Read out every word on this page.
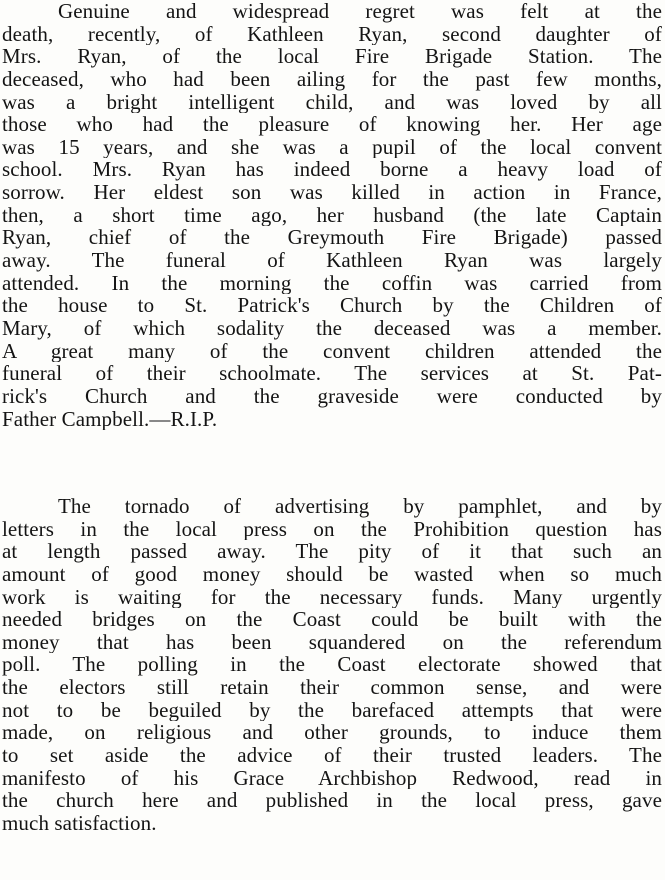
Genuine and widespread regret was felt at the
death, recently, of Kathleen Ryan, second daughter of
Mrs. Ryan, of the local Fire Brigade Station. The
deceased, who had been ailing for the past few months,
was a bright intelligent child, and was loved by all
those who had the pleasure of knowing her. Her age
was 15 years, and she was a pupil of the local convent
school. Mrs. Ryan has indeed borne a heavy load of
sorrow. Her eldest son was killed in action in France,
then, a short time ago, her husband (the late Captain
Ryan, chief of the Greymouth Fire Brigade) passed
away. The funeral of Kathleen Ryan was largely
attended. In the morning the coffin was carried from
the house to St. Patrick's Church by the Children of
Mary, of which sodality the deceased was a member.
A great many of the convent children attended the
funeral of their schoolmate. The services at St. Pat-
rick's Church and the graveside were conducted by
Father Campbell.—R.I.P.
The tornado of advertising by pamphlet, and by
letters in the local press on the Prohibition question has
at length passed away. The pity of it that such an
amount of good money should be wasted when so much
work is waiting for the necessary funds. Many urgently
needed bridges on the Coast could be built with the
money that has been squandered on the referendum
poll. The polling in the Coast electorate showed that
the electors still retain their common sense, and were
not to be beguiled by the barefaced attempts that were
made, on religious and other grounds, to induce them
to set aside the advice of their trusted leaders. The
manifesto of his Grace Archbishop Redwood, read in
the church here and published in the local press, gave
much satisfaction.
